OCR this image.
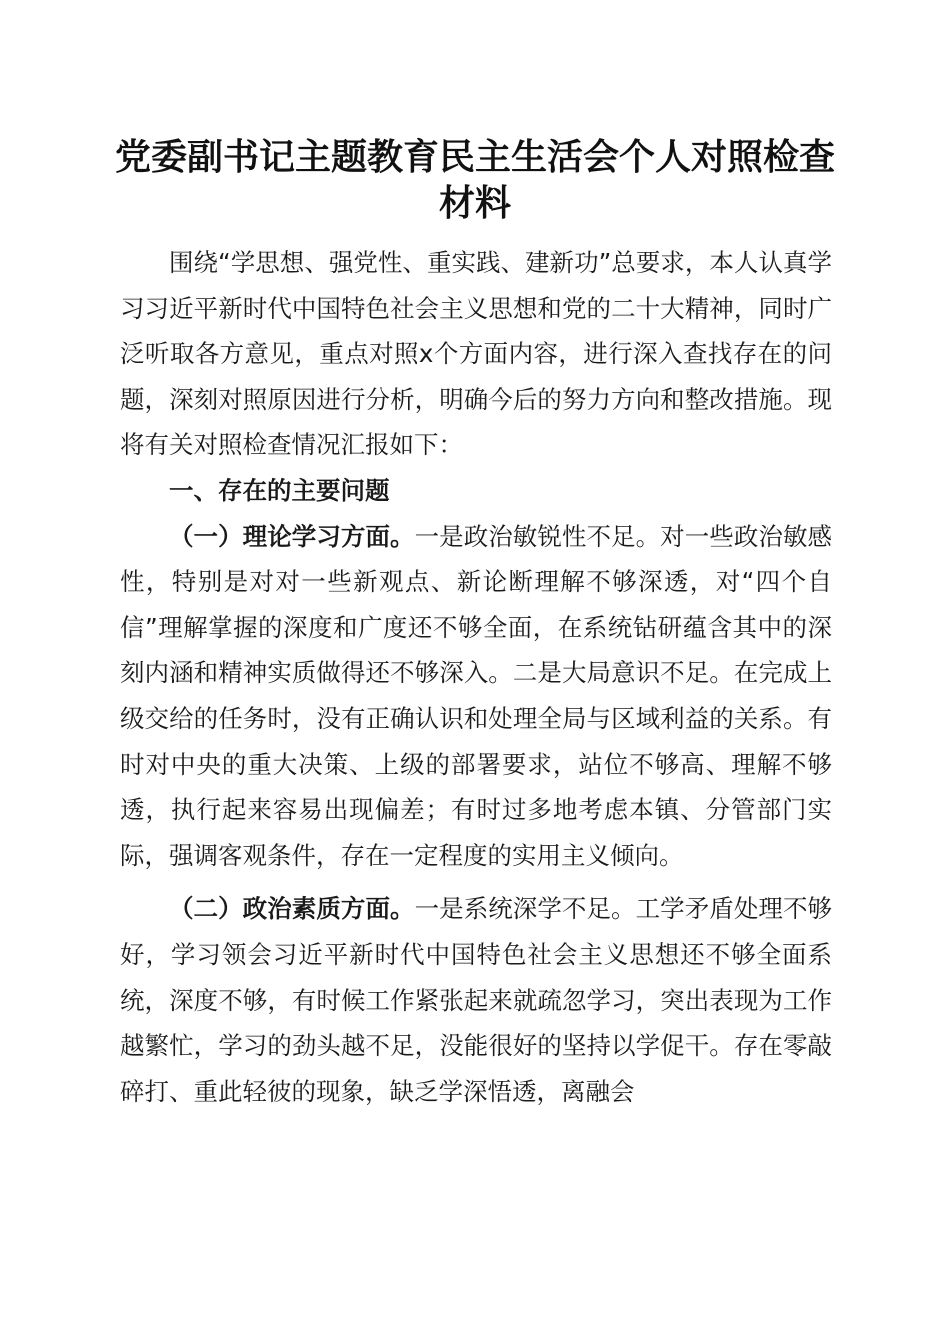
党委副书记主题教育民主生活会个人对照检查材料

围绕“学思想、强党性、重实践、建新功”总要求，本人认真学习习近平新时代中国特色社会主义思想和党的二十大精神，同时广泛听取各方意见，重点对照x个方面内容，进行深入查找存在的问题，深刻对照原因进行分析，明确今后的努力方向和整改措施。现将有关对照检查情况汇报如下：

一、存在的主要问题

（一）理论学习方面。一是政治敏锐性不足。对一些政治敏感性，特别是对对一些新观点、新论断理解不够深透，对“四个自信”理解掌握的深度和广度还不够全面，在系统钻研蕴含其中的深刻内涵和精神实质做得还不够深入。二是大局意识不足。在完成上级交给的任务时，没有正确认识和处理全局与区域利益的关系。有时对中央的重大决策、上级的部署要求，站位不够高、理解不够透，执行起来容易出现偏差；有时过多地考虑本镇、分管部门实际，强调客观条件，存在一定程度的实用主义倾向。

（二）政治素质方面。一是系统深学不足。工学矛盾处理不够好，学习领会习近平新时代中国特色社会主义思想还不够全面系统，深度不够，有时候工作紧张起来就疏忽学习，突出表现为工作越繁忙，学习的劲头越不足，没能很好的坚持以学促干。存在零敲碎打、重此轻彼的现象，缺乏学深悟透，离融会
